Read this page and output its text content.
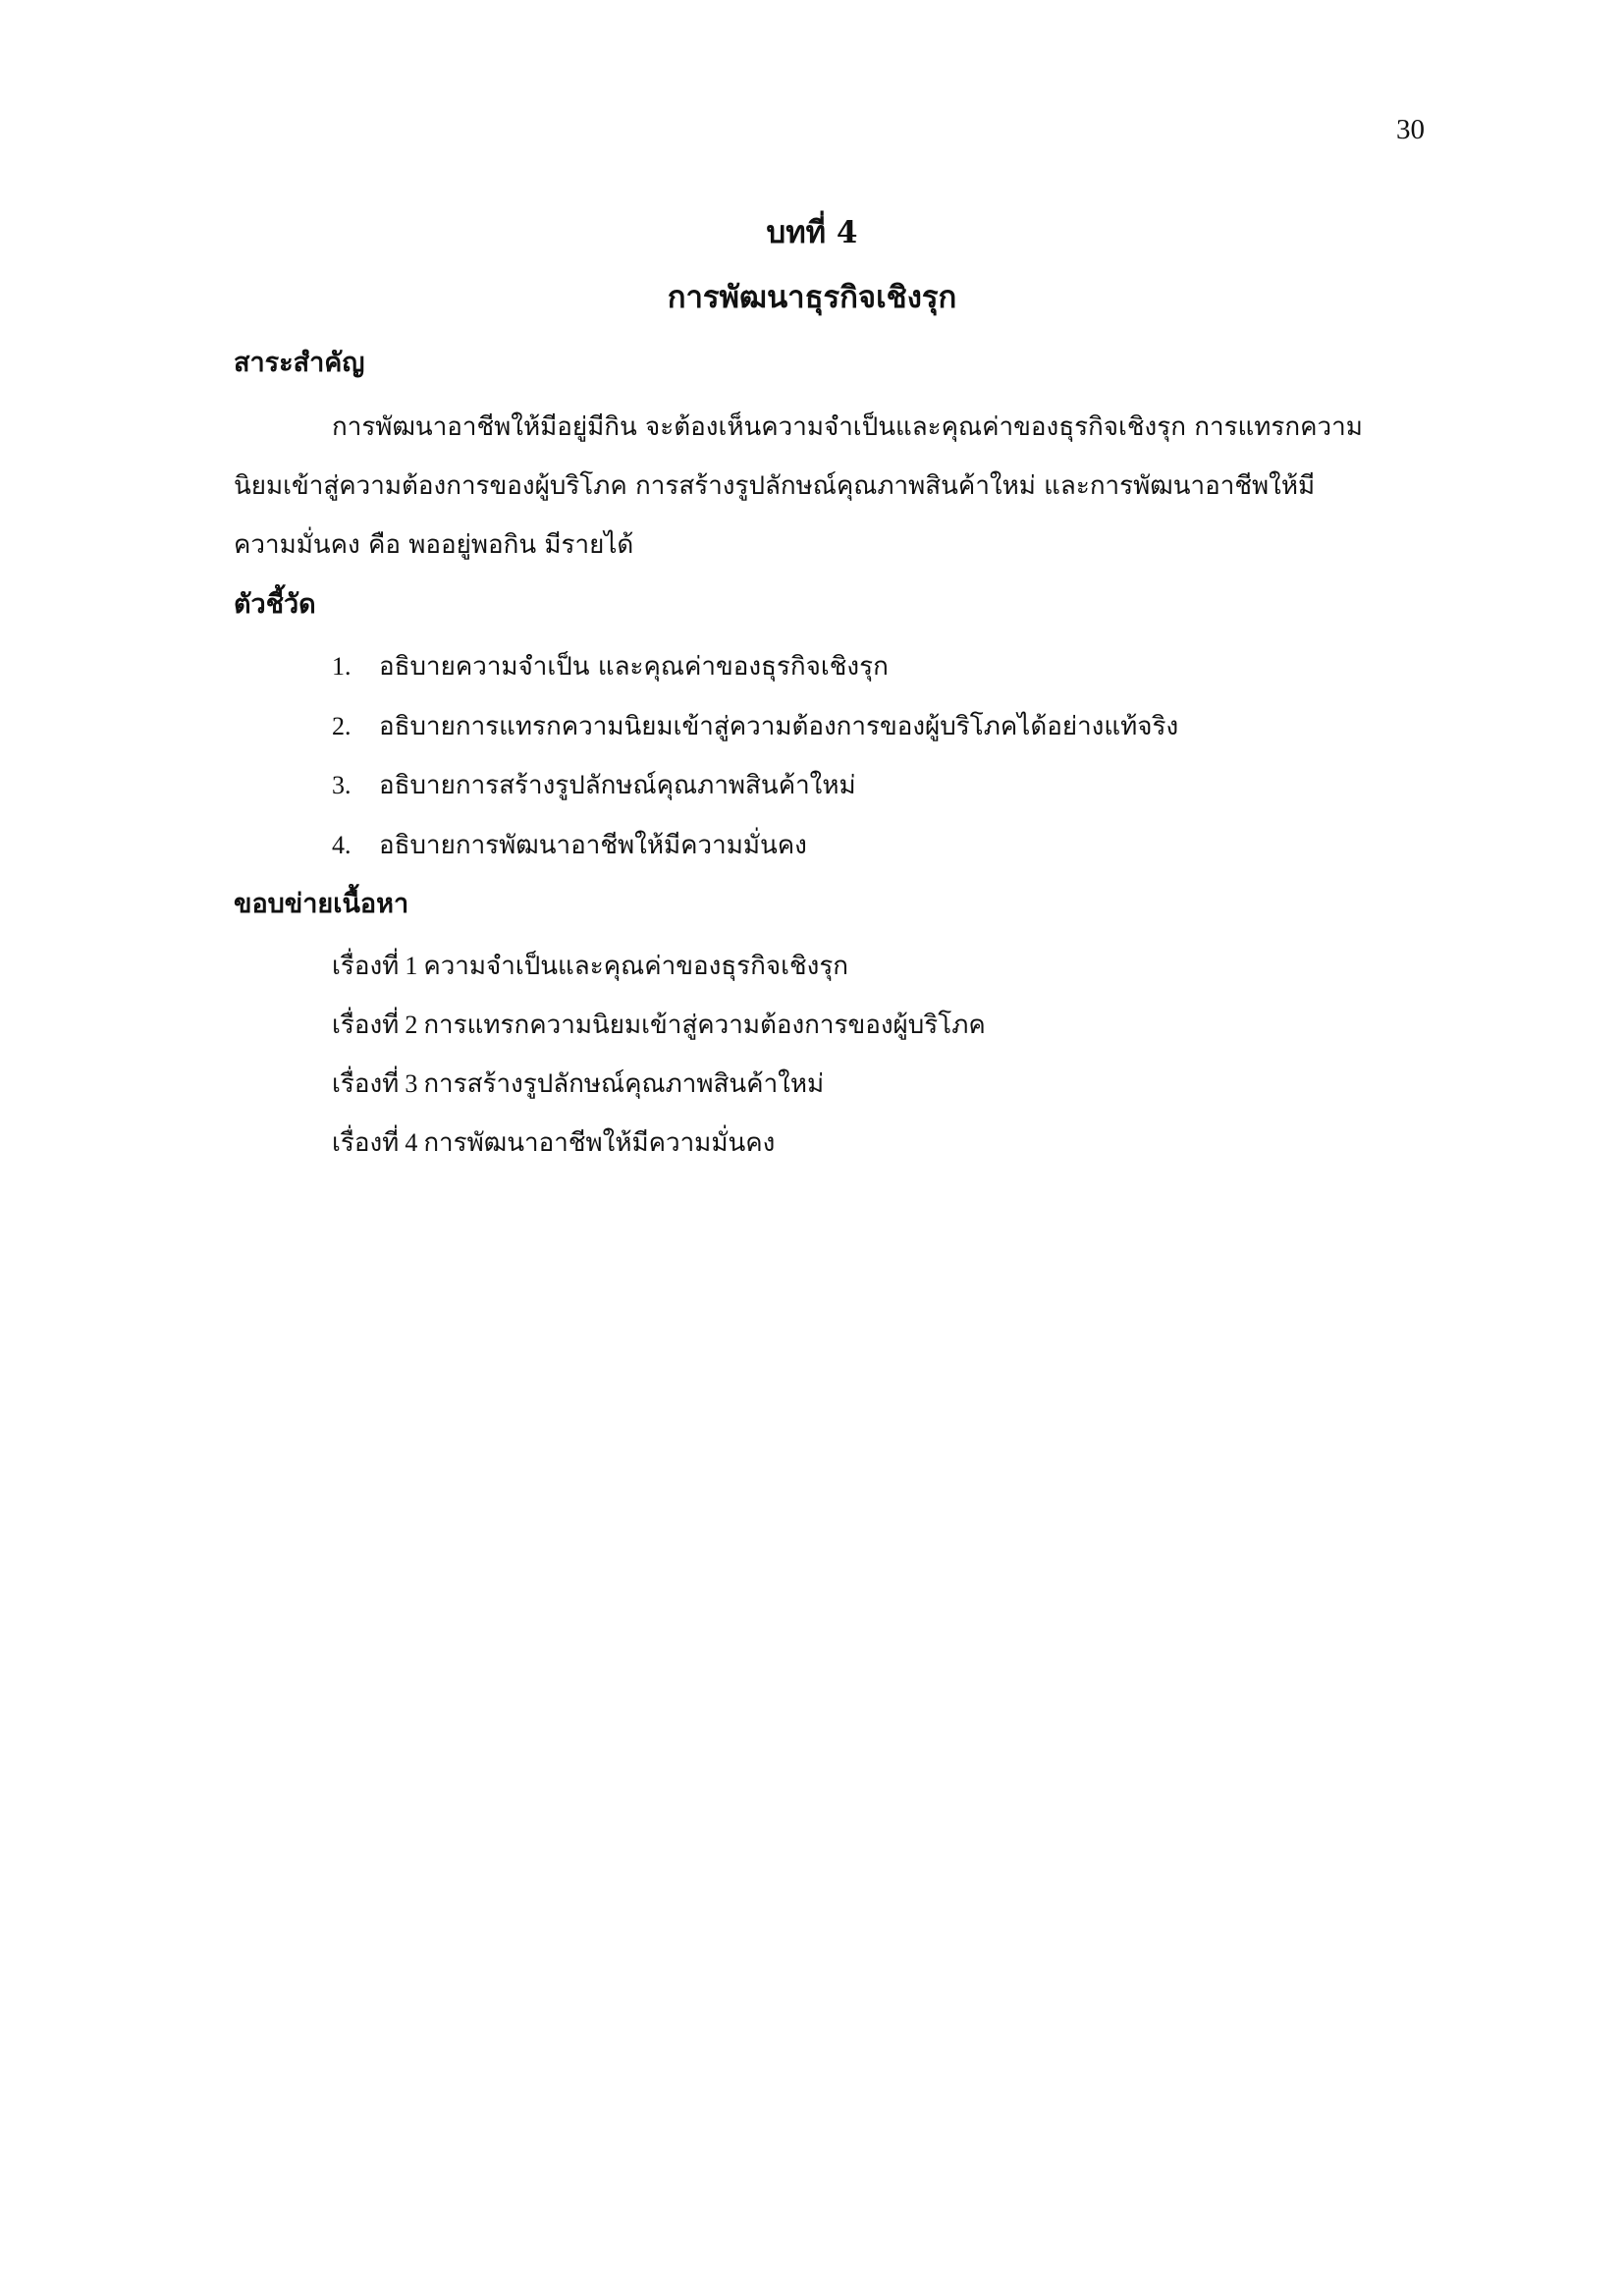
30
บทที่ 4
การพัฒนาธุรกิจเชิงรุก
สาระสำคัญ
การพัฒนาอาชีพให้มีอยู่มีกิน จะต้องเห็นความจำเป็นและคุณค่าของธุรกิจเชิงรุก การแทรกความ
นิยมเข้าสู่ความต้องการของผู้บริโภค การสร้างรูปลักษณ์คุณภาพสินค้าใหม่ และการพัฒนาอาชีพให้มี
ความมั่นคง คือ พออยู่พอกิน มีรายได้
ตัวชี้วัด
1. อธิบายความจำเป็น และคุณค่าของธุรกิจเชิงรุก
2. อธิบายการแทรกความนิยมเข้าสู่ความต้องการของผู้บริโภคได้อย่างแท้จริง
3. อธิบายการสร้างรูปลักษณ์คุณภาพสินค้าใหม่
4. อธิบายการพัฒนาอาชีพให้มีความมั่นคง
ขอบข่ายเนื้อหา
เรื่องที่ 1 ความจำเป็นและคุณค่าของธุรกิจเชิงรุก
เรื่องที่ 2 การแทรกความนิยมเข้าสู่ความต้องการของผู้บริโภค
เรื่องที่ 3 การสร้างรูปลักษณ์คุณภาพสินค้าใหม่
เรื่องที่ 4 การพัฒนาอาชีพให้มีความมั่นคง
